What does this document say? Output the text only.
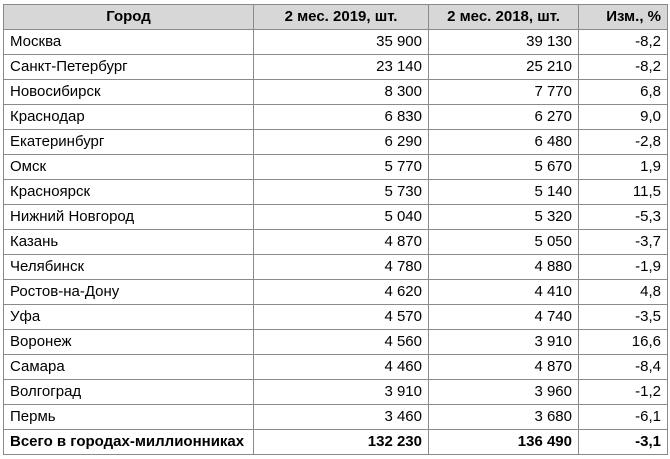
Город	2 мес. 2019, шт.	2 мес. 2018, шт.	Изм., %
Москва	35 900	39 130	-8,2
Санкт-Петербург	23 140	25 210	-8,2
Новосибирск	8 300	7 770	6,8
Краснодар	6 830	6 270	9,0
Екатеринбург	6 290	6 480	-2,8
Омск	5 770	5 670	1,9
Красноярск	5 730	5 140	11,5
Нижний Новгород	5 040	5 320	-5,3
Казань	4 870	5 050	-3,7
Челябинск	4 780	4 880	-1,9
Ростов-на-Дону	4 620	4 410	4,8
Уфа	4 570	4 740	-3,5
Воронеж	4 560	3 910	16,6
Самара	4 460	4 870	-8,4
Волгоград	3 910	3 960	-1,2
Пермь	3 460	3 680	-6,1
Всего в городах-миллионниках	132 230	136 490	-3,1
